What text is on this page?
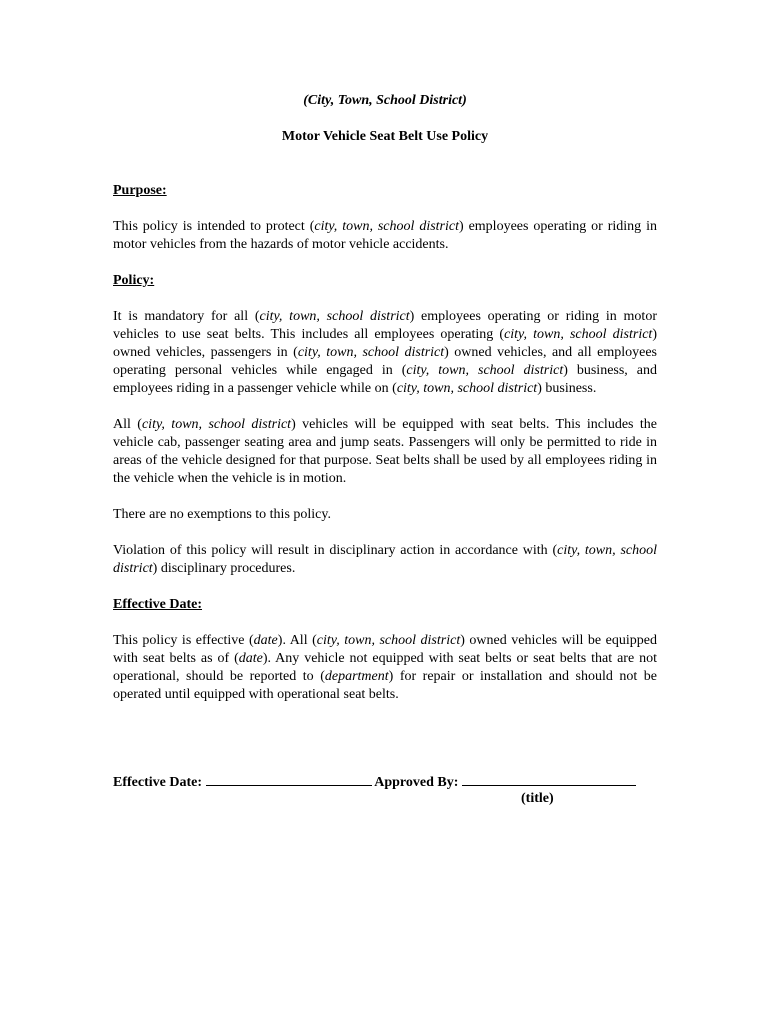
(City, Town, School District)
Motor Vehicle Seat Belt Use Policy
Purpose:

This policy is intended to protect (city, town, school district) employees operating or riding in motor vehicles from the hazards of motor vehicle accidents.

Policy:

It is mandatory for all (city, town, school district) employees operating or riding in motor vehicles to use seat belts. This includes all employees operating (city, town, school district) owned vehicles, passengers in (city, town, school district) owned vehicles, and all employees operating personal vehicles while engaged in (city, town, school district) business, and employees riding in a passenger vehicle while on (city, town, school district) business.

All (city, town, school district) vehicles will be equipped with seat belts. This includes the vehicle cab, passenger seating area and jump seats. Passengers will only be permitted to ride in areas of the vehicle designed for that purpose. Seat belts shall be used by all employees riding in the vehicle when the vehicle is in motion.

There are no exemptions to this policy.

Violation of this policy will result in disciplinary action in accordance with (city, town, school district) disciplinary procedures.

Effective Date:

This policy is effective (date). All (city, town, school district) owned vehicles will be equipped with seat belts as of (date). Any vehicle not equipped with seat belts or seat belts that are not operational, should be reported to (department) for repair or installation and should not be operated until equipped with operational seat belts.

Effective Date:	Approved By:
(title)
